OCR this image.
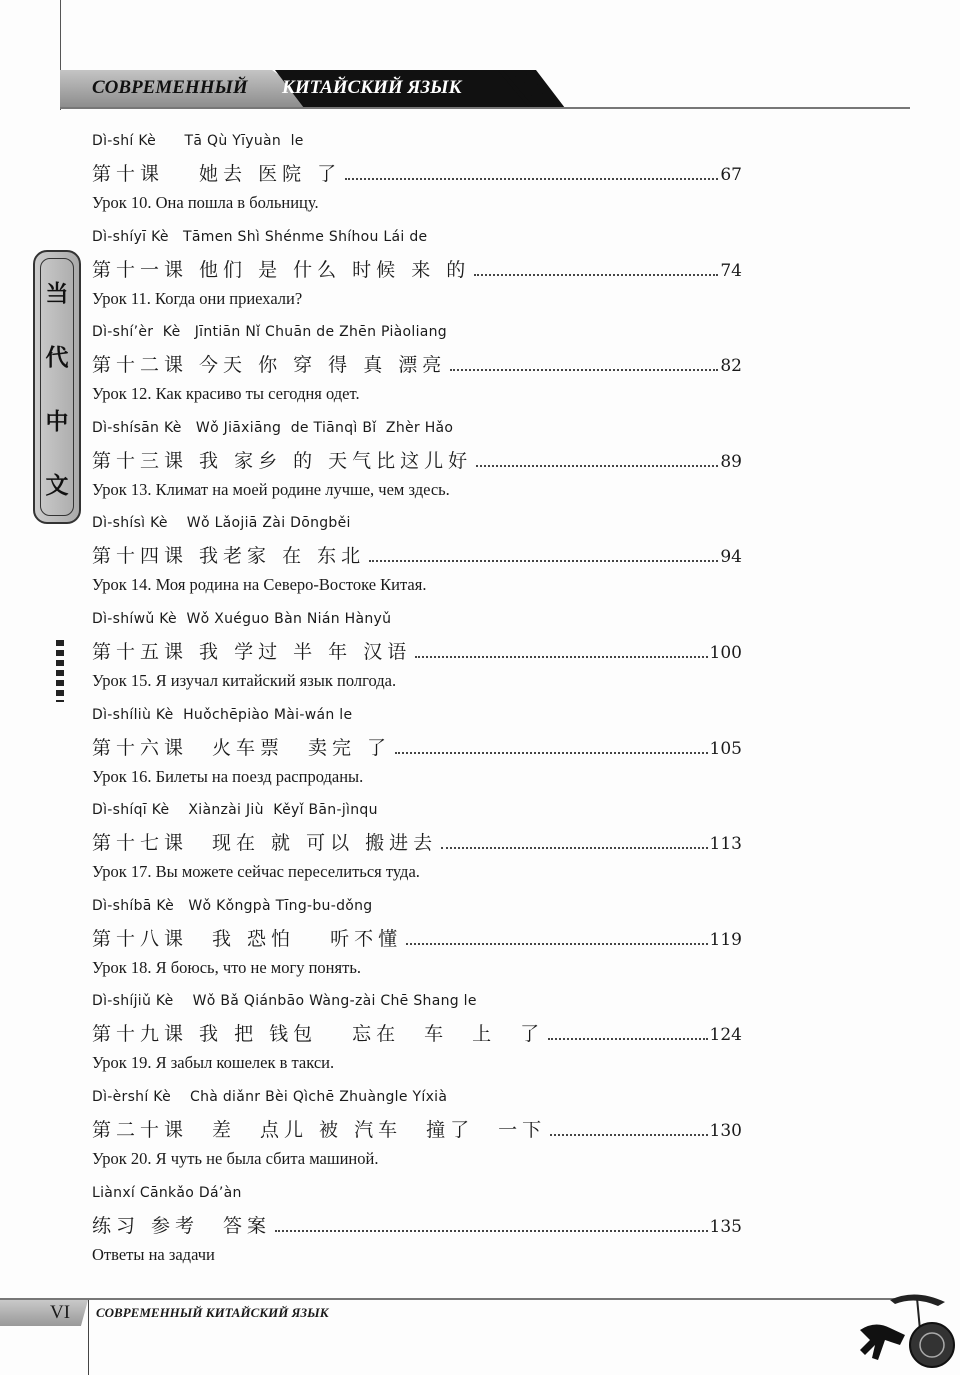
СОВРЕМЕННЫЙ КИТАЙСКИЙ ЯЗЫК
当
代
中
文
Dì-shí Kè      Tā Qù Yīyuàn  le
第十课　 她去 医院 了	67
Урок 10. Она пошла в больницу.
Dì-shíyī Kè   Tāmen Shì Shénme Shíhou Lái de
第十一课 他们 是 什么 时候 来 的	74
Урок 11. Когда они приехали?
Dì-shí’èr  Kè   Jīntiān Nǐ Chuān de Zhēn Piàoliang
第十二课 今天 你 穿 得 真 漂亮	82
Урок 12. Как красиво ты сегодня одет.
Dì-shísān Kè   Wǒ Jiāxiāng  de Tiānqì Bǐ  Zhèr Hǎo
第十三课 我 家乡 的 天气比这儿好	89
Урок 13. Климат на моей родине лучше, чем здесь.
Dì-shísì Kè    Wǒ Lǎojiā Zài Dōngběi
第十四课 我老家 在 东北	94
Урок 14. Моя родина на Северо-Востоке Китая.
Dì-shíwǔ Kè  Wǒ Xuéguo Bàn Nián Hànyǔ
第十五课 我 学过 半 年 汉语	100
Урок 15. Я изучал китайский язык полгода.
Dì-shíliù Kè  Huǒchēpiào Mài-wán le
第十六课　火车票　卖完 了	105
Урок 16. Билеты на поезд распроданы.
Dì-shíqī Kè    Xiànzài Jiù  Kěyǐ Bān-jìnqu
第十七课　现在 就 可以 搬进去	113
Урок 17. Вы можете сейчас переселиться туда.
Dì-shíbā Kè   Wǒ Kǒngpà Tīng-bu-dǒng
第十八课　我 恐怕　 听不懂	119
Урок 18. Я боюсь, что не могу понять.
Dì-shíjiǔ Kè    Wǒ Bǎ Qiánbāo Wàng-zài Chē Shang le
第十九课 我 把 钱包　 忘在　车　上　了	124
Урок 19. Я забыл кошелек в такси.
Dì-èrshí Kè    Chà diǎnr Bèi Qìchē Zhuàngle Yíxià
第二十课　差　点儿 被 汽车　撞了　一下	130
Урок 20. Я чуть не была сбита машиной.
Liànxí Cānkǎo Dá’àn
练习 参考　答案	135
Ответы на задачи
VI СОВРЕМЕННЫЙ КИТАЙСКИЙ ЯЗЫК
